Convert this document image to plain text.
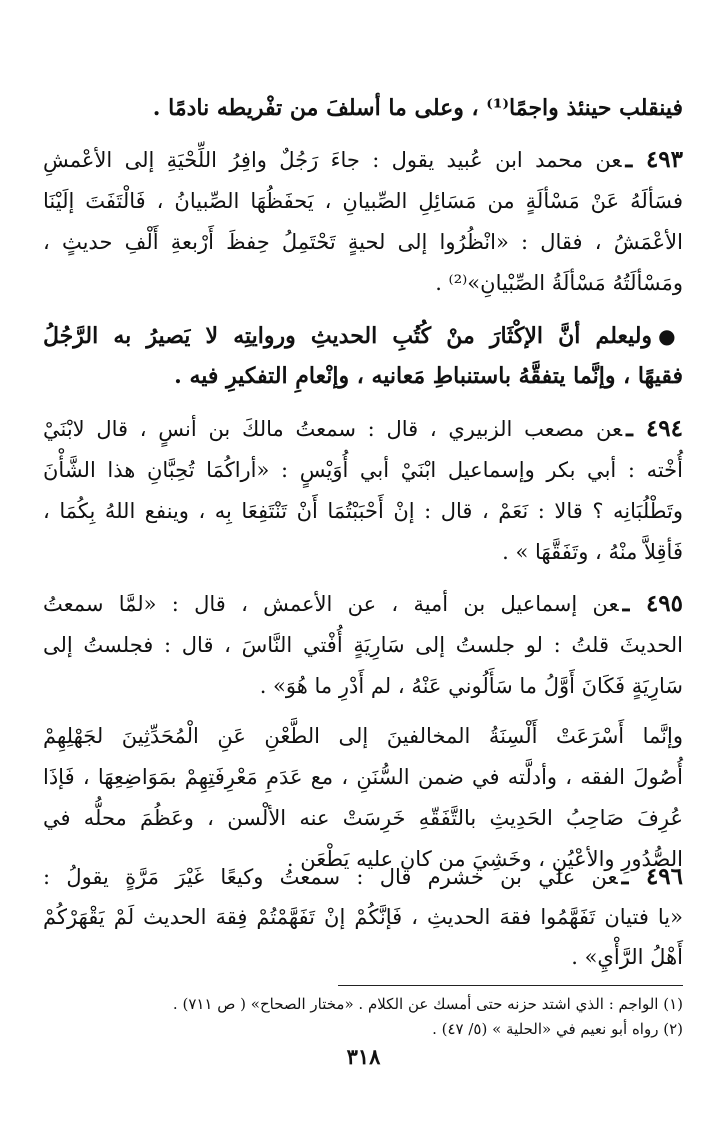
فينقلب حينئذ واجمًا⁽¹⁾ ، وعلى ما أسلفَ من تفْريطه نادمًا .
٤٩٣ ـعن محمد ابن عُبيد يقول : جاءَ رَجُلٌ وافِرُ اللِّحْيَةِ إلى الأعْمشِ
فسَألَهُ عَنْ مَسْألَةٍ من مَسَائِلِ الصِّبيانِ ، يَحفَظُهَا الصِّبيانُ ، فَالْتَفَتَ إلَيْنَا
الأعْمَشُ ، فقال : «انْظُرُوا إلى لحيةٍ تَحْتَمِلُ حِفظَ أَرْبعةِ أَلْفِ حديثٍ ،
ومَسْألَتُهُ مَسْألَةُ الصِّبْيانِ»⁽²⁾ .
●وليعلم أنَّ الإكْثَارَ منْ كُتُبِ الحديثِ وروايتِه لا يَصيرُ به الرَّجُلُ
فقيهًا ، وإنَّما يتفقَّهُ باستنباطِ مَعانيه ، وإنْعامِ التفكيرِ فيه .
٤٩٤ ـعن مصعب الزبيري ، قال : سمعتُ مالكَ بن أنسٍ ، قال لابْنَيْ
أُخْته : أبي بكر وإسماعيل ابْنَيْ أبي أُوَيْسٍ : «أراكُمَا تُحِبَّانِ هذا الشَّأْنَ
وتَطْلُبَانِه ؟ قالا : نَعَمْ ، قال : إنْ أَحْبَبْتُمَا أَنْ تَنْتَفِعَا بِه ، وينفع اللهُ بِكُمَا ،
فَأقِلاَّ منْهُ ، وتَفَقَّهَا » .
٤٩٥ ـعن إسماعيل بن أمية ، عن الأعمش ، قال : «لمَّا سمعتُ
الحديثَ قلتُ : لو جلستُ إلى سَارِيَةٍ أُفْتي النَّاسَ ، قال : فجلستُ إلى
سَارِيَةٍ فَكَانَ أَوَّلُ ما سَأَلُوني عَنْهُ ، لم أَدْرِ ما هُوَ» .
وإنَّما أَسْرَعَتْ أَلْسِنَةُ المخالفينَ إلى الطَّعْنِ عَنِ الْمُحَدِّثِينَ لجَهْلِهِمْ
أُصُولَ الفقه ، وأدلَّته في ضمن السُّنَنِ ، مع عَدَمِ مَعْرِفَتِهِمْ بمَوَاضِعِهَا ، فَإذَا
عُرِفَ صَاحِبُ الحَدِيثِ بالتَّفَقّهِ خَرِسَتْ عنه الألْسن ، وعَظُمَ محلُّه في
الصُّدُورِ والأعْيُنِ ، وخَشِيَ من كان عليه يَطْعَن .
٤٩٦ ـعن علي بن خشرم قال : سمعتُ وكيعًا غَيْرَ مَرَّةٍ يقولُ :
«يا فتيان تَفَهَّمُوا فقهَ الحديثِ ، فَإنَّكُمْ إنْ تَفَهَّمْتُمْ فِقهَ الحديث لَمْ يَقْهَرْكُمْ
أَهْلُ الرَّأْيِ» .
(١) الواجم : الذي اشتد حزنه حتى أمسك عن الكلام . «مختار الصحاح» ( ص ٧١١) .
(٢) رواه أبو نعيم في «الحلية » (٥/ ٤٧) .
٣١٨
